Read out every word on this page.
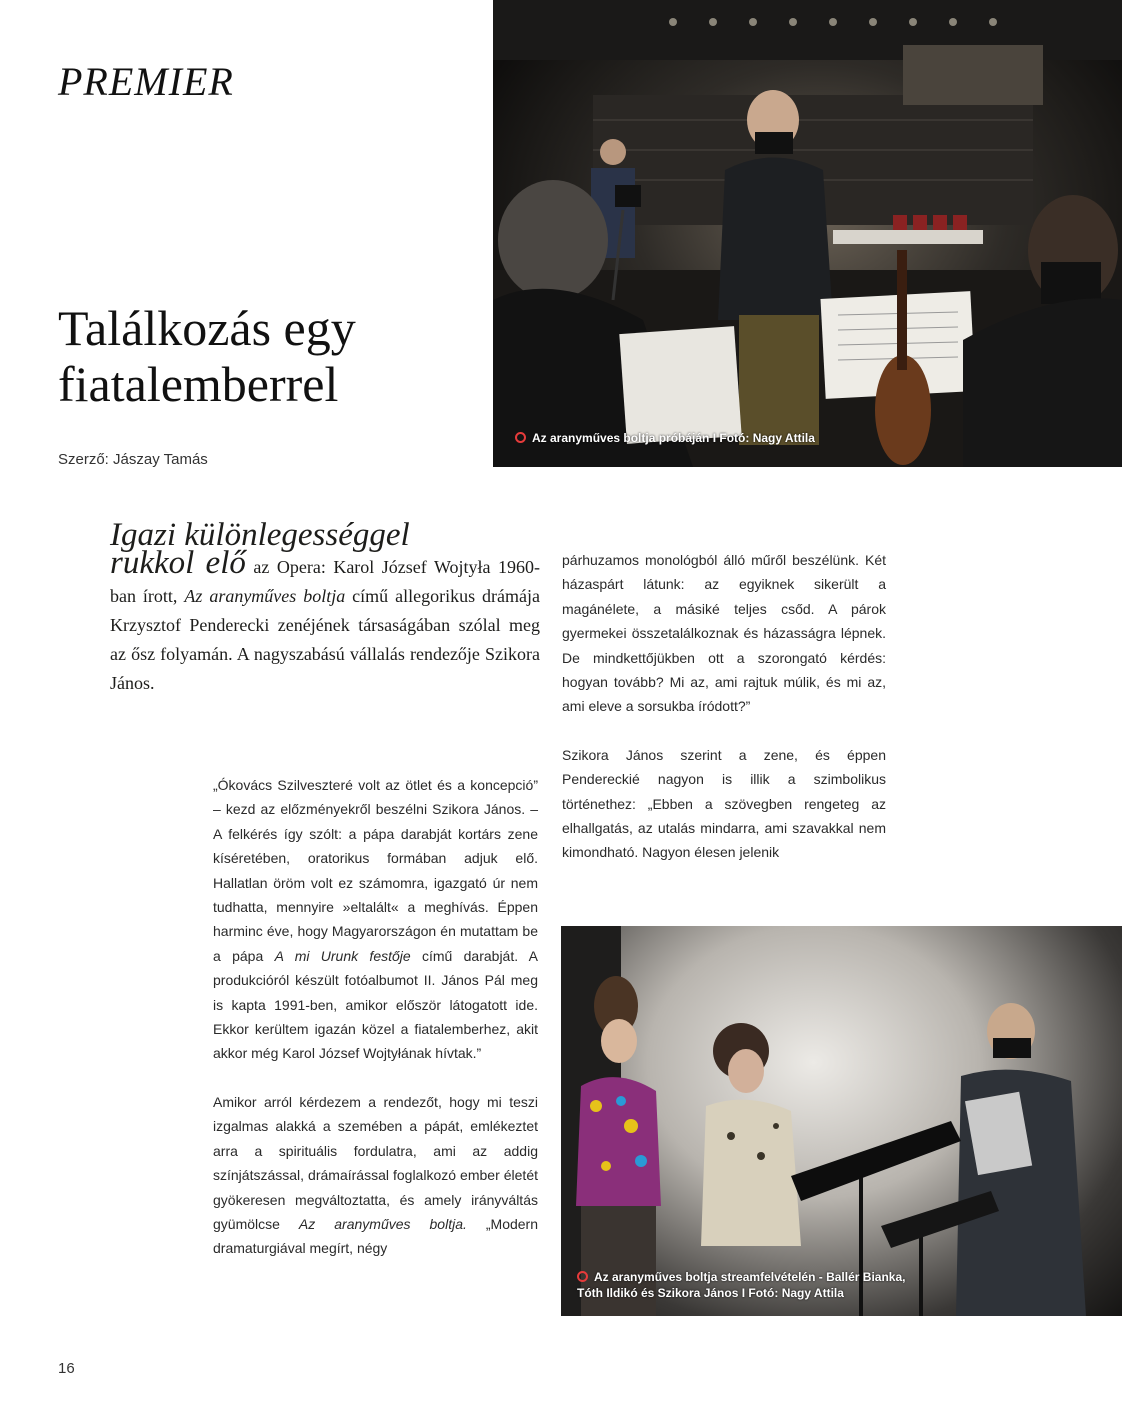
PREMIER
Találkozás egy
fiatalemberrel
Szerző: Jászay Tamás
Az aranyműves boltja próbáján I Fotó: Nagy Attila
Igazi különlegességgel
rukkol elő az Opera: Karol József Wojtyła 1960-ban írott, Az aranyműves boltja című allegorikus drámája Krzysztof Penderecki zenéjének társaságában szólal meg az ősz folyamán. A nagyszabású vállalás rendezője Szikora János.

„Ókovács Szilveszteré volt az ötlet és a koncepció” – kezd az előzményekről beszélni Szikora János. – A felkérés így szólt: a pápa darabját kortárs zene kíséretében, oratorikus formában adjuk elő. Hallatlan öröm volt ez számomra, igazgató úr nem tudhatta, mennyire »eltalált« a meghívás. Éppen harminc éve, hogy Magyarországon én mutattam be a pápa A mi Urunk festője című darabját. A produkcióról készült fotóalbumot II. János Pál meg is kapta 1991-ben, amikor először látogatott ide. Ekkor kerültem igazán közel a fiatalemberhez, akit akkor még Karol József Wojtyłának hívtak.”

Amikor arról kérdezem a rendezőt, hogy mi teszi izgalmas alakká a szemében a pápát, emlékeztet arra a spirituális fordulatra, ami az addig színjátszással, drámaírással foglalkozó ember életét gyökeresen megváltoztatta, és amely irányváltás gyümölcse Az aranyműves boltja. „Modern dramaturgiával megírt, négy

párhuzamos monológból álló műről beszélünk. Két házaspárt látunk: az egyiknek sikerült a magánélete, a másiké teljes csőd. A párok gyermekei összetalálkoznak és házasságra lépnek. De mindkettőjükben ott a szorongató kérdés: hogyan tovább? Mi az, ami rajtuk múlik, és mi az, ami eleve a sorsukba íródott?”

Szikora János szerint a zene, és éppen Pendereckié nagyon is illik a szimbolikus történethez: „Ebben a szövegben rengeteg az elhallgatás, az utalás mindarra, ami szavakkal nem kimondható. Nagyon élesen jelenik

Az aranyműves boltja streamfelvételén - Ballér Bianka,
Tóth Ildikó és Szikora János I Fotó: Nagy Attila
16
